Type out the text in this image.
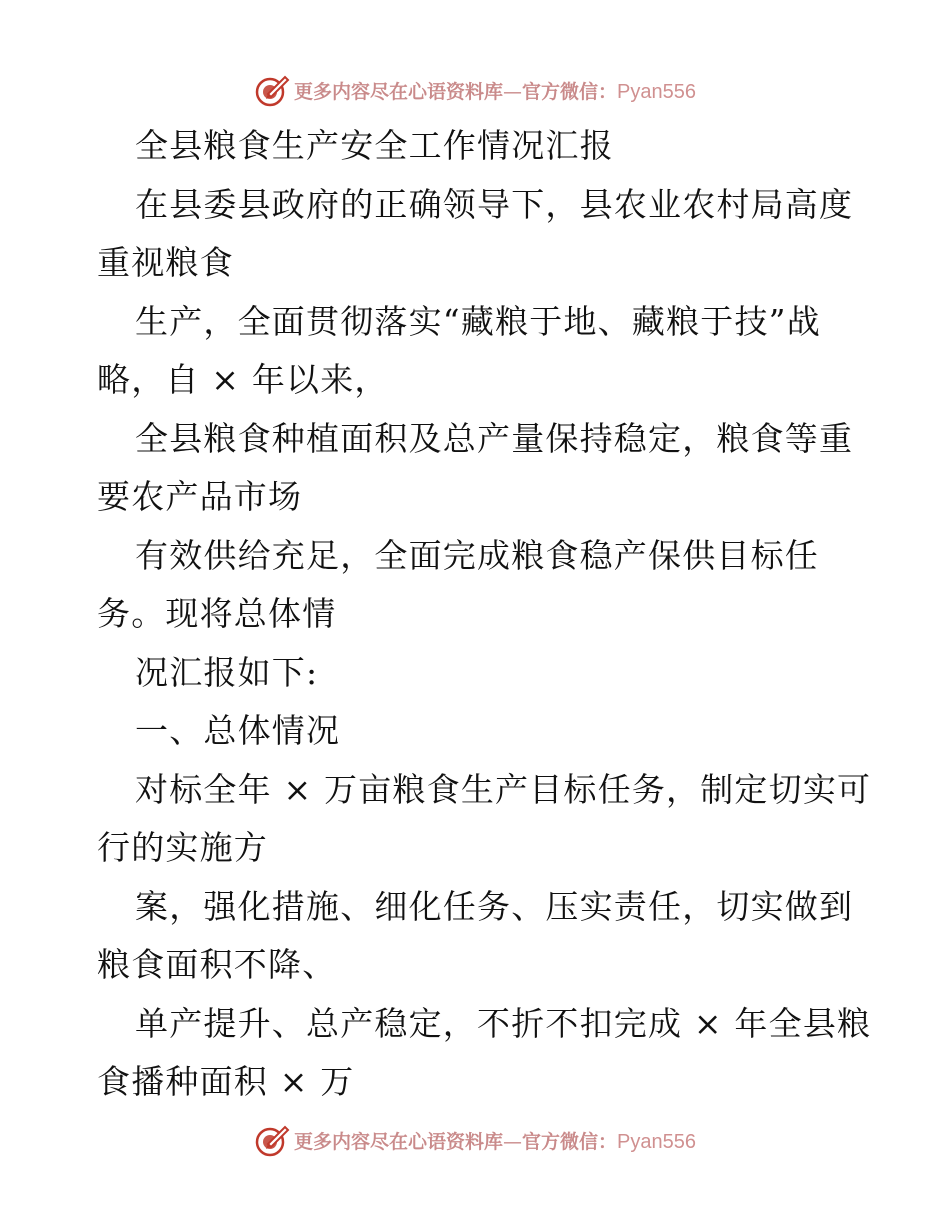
更多内容尽在心语资料库—官方微信：Pyan556
全县粮食生产安全工作情况汇报
在县委县政府的正确领导下，县农业农村局高度
重视粮食
生产，全面贯彻落实“藏粮于地、藏粮于技”战
略，自 × 年以来，
全县粮食种植面积及总产量保持稳定，粮食等重
要农产品市场
有效供给充足，全面完成粮食稳产保供目标任
务。现将总体情
况汇报如下:
一、总体情况
对标全年 × 万亩粮食生产目标任务，制定切实可
行的实施方
案，强化措施、细化任务、压实责任，切实做到
粮食面积不降、
单产提升、总产稳定，不折不扣完成 × 年全县粮
食播种面积 × 万
更多内容尽在心语资料库—官方微信：Pyan556
